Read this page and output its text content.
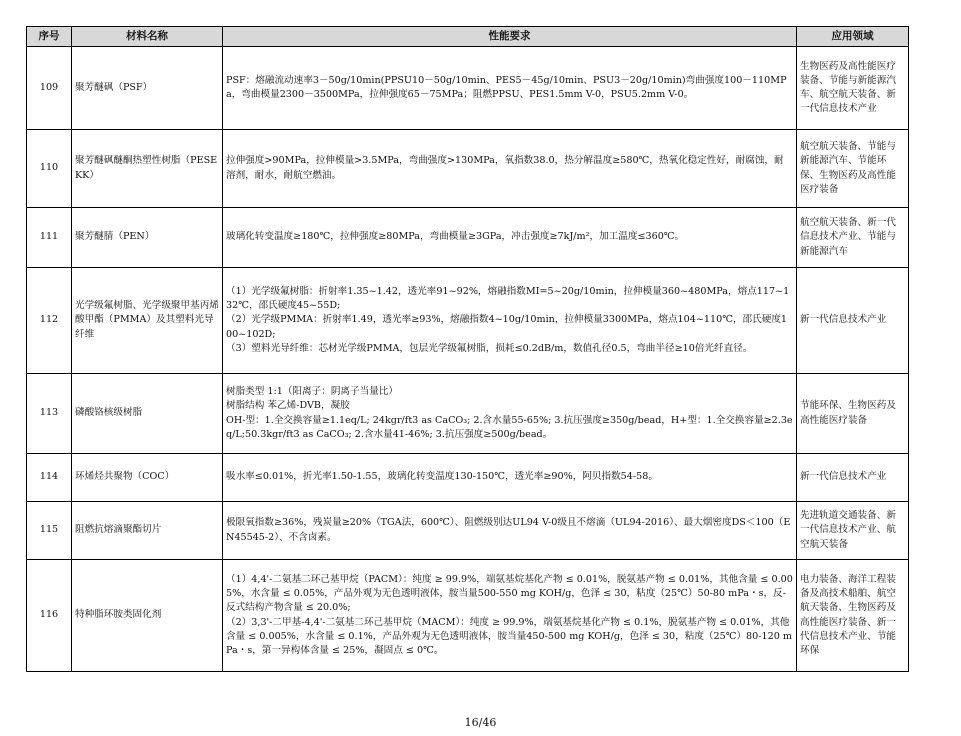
序号	材料名称	性能要求	应用领域
109	聚芳醚砜（PSF）	PSF：熔融流动速率3－50g/10min(PPSU10－50g/10min、PES5－45g/10min、PSU3－20g/10min)弯曲强度100－110MPa，弯曲模量2300－3500MPa，拉伸强度65－75MPa；阻燃PPSU、PES1.5mm V-0，PSU5.2mm V-0。	生物医药及高性能医疗装备、节能与新能源汽车、航空航天装备、新一代信息技术产业
110	聚芳醚砜醚酮热塑性树脂（PESEKK）	拉伸强度>90MPa，拉伸模量>3.5MPa，弯曲强度>130MPa，氧指数38.0，热分解温度≥580℃，热氧化稳定性好，耐腐蚀，耐溶剂，耐水，耐航空燃油。	航空航天装备、节能与新能源汽车、节能环保、生物医药及高性能医疗装备
111	聚芳醚腈（PEN）	玻璃化转变温度≥180℃，拉伸强度≥80MPa，弯曲模量≥3GPa，冲击强度≥7kJ/m²，加工温度≤360℃。	航空航天装备、新一代信息技术产业、节能与新能源汽车
112	光学级氟树脂、光学级聚甲基丙烯酸甲酯（PMMA）及其塑料光导纤维	（1）光学级氟树脂：折射率1.35~1.42，透光率91~92%，熔融指数MI=5~20g/10min，拉伸模量360~480MPa，熔点117~132℃，邵氏硬度45~55D;
（2）光学级PMMA：折射率1.49，透光率≥93%，熔融指数4~10g/10min，拉伸模量3300MPa，熔点104~110℃，邵氏硬度100~102D;
（3）塑料光导纤维：芯材光学级PMMA，包层光学级氟树脂，损耗≤0.2dB/m，数值孔径0.5，弯曲半径≥10倍光纤直径。	新一代信息技术产业
113	磷酸铬核级树脂	树脂类型 1:1（阳离子：阴离子当量比）
树脂结构 苯乙烯-DVB，凝胶
OH-型：1.全交换容量≥1.1eq/L; 24kgr/ft3 as CaCO₃; 2.含水量55-65%; 3.抗压强度≥350g/bead，H+型：1.全交换容量≥2.3eq/L;50.3kgr/ft3 as CaCO₃; 2.含水量41-46%; 3.抗压强度≥500g/bead。	节能环保、生物医药及高性能医疗装备
114	环烯烃共聚物（COC）	吸水率≤0.01%，折光率1.50-1.55，玻璃化转变温度130-150℃，透光率≥90%，阿贝指数54-58。	新一代信息技术产业
115	阻燃抗熔滴聚酯切片	极限氧指数≥36%，残炭量≥20%（TGA法，600℃）、阻燃级别达UL94 V-0级且不熔滴（UL94-2016）、最大烟密度DS＜100（EN45545-2）、不含卤素。	先进轨道交通装备、新一代信息技术产业、航空航天装备
116	特种脂环胺类固化剂	（1）4,4'-二氨基二环己基甲烷（PACM）：纯度 ≥ 99.9%，端氨基烷基化产物 ≤ 0.01%，脱氨基产物 ≤ 0.01%，其他含量 ≤ 0.005%，水含量 ≤ 0.05%，产品外观为无色透明液体，胺当量500-550 mg KOH/g，色泽 ≤ 30，粘度（25℃）50-80 mPa・s，反-反式结构产物含量 ≤ 20.0%;
（2）3,3'-二甲基-4,4'-二氨基二环己基甲烷（MACM）：纯度 ≥ 99.9%，端氨基烷基化产物 ≤ 0.1%，脱氨基产物 ≤ 0.01%，其他含量 ≤ 0.005%，水含量 ≤ 0.1%，产品外观为无色透明液体，胺当量450-500 mg KOH/g，色泽 ≤ 30，粘度（25℃）80-120 mPa・s，第一异构体含量 ≤ 25%，凝固点 ≤ 0℃。	电力装备、海洋工程装备及高技术船舶、航空航天装备、生物医药及高性能医疗装备、新一代信息技术产业、节能环保
16/46
